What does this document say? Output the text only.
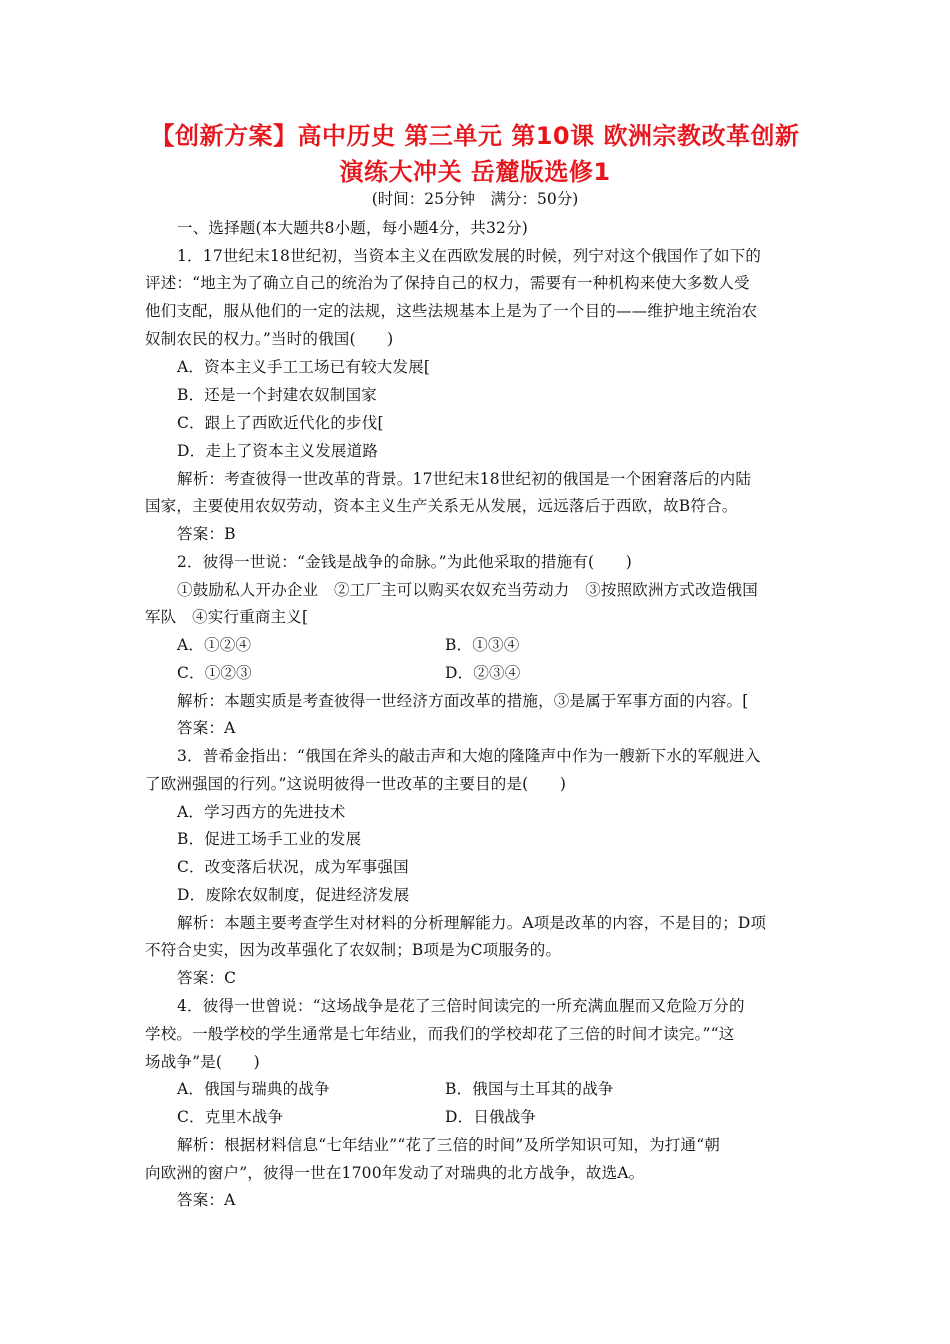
【创新方案】高中历史 第三单元 第10课 欧洲宗教改革创新
演练大冲关 岳麓版选修1
(时间：25分钟　满分：50分)
一、选择题(本大题共8小题，每小题4分，共32分)
1．17世纪末18世纪初，当资本主义在西欧发展的时候，列宁对这个俄国作了如下的
评述：“地主为了确立自己的统治为了保持自己的权力，需要有一种机构来使大多数人受
他们支配，服从他们的一定的法规，这些法规基本上是为了一个目的——维护地主统治农
奴制农民的权力。”当时的俄国(　　)
A．资本主义手工工场已有较大发展[
B．还是一个封建农奴制国家
C．跟上了西欧近代化的步伐[
D．走上了资本主义发展道路
解析：考查彼得一世改革的背景。17世纪末18世纪初的俄国是一个困窘落后的内陆
国家，主要使用农奴劳动，资本主义生产关系无从发展，远远落后于西欧，故B符合。
答案：B
2．彼得一世说：“金钱是战争的命脉。”为此他采取的措施有(　　)
①鼓励私人开办企业　②工厂主可以购买农奴充当劳动力　③按照欧洲方式改造俄国
军队　④实行重商主义[
A．①②④	B．①③④
C．①②③	D．②③④
解析：本题实质是考查彼得一世经济方面改革的措施，③是属于军事方面的内容。[
答案：A
3．普希金指出：“俄国在斧头的敲击声和大炮的隆隆声中作为一艘新下水的军舰进入
了欧洲强国的行列。”这说明彼得一世改革的主要目的是(　　)
A．学习西方的先进技术
B．促进工场手工业的发展
C．改变落后状况，成为军事强国
D．废除农奴制度，促进经济发展
解析：本题主要考查学生对材料的分析理解能力。A项是改革的内容，不是目的；D项
不符合史实，因为改革强化了农奴制；B项是为C项服务的。
答案：C
4．彼得一世曾说：“这场战争是花了三倍时间读完的一所充满血腥而又危险万分的
学校。一般学校的学生通常是七年结业，而我们的学校却花了三倍的时间才读完。”“这
场战争”是(　　)
A．俄国与瑞典的战争	B．俄国与土耳其的战争
C．克里木战争	D．日俄战争
解析：根据材料信息“七年结业”“花了三倍的时间”及所学知识可知，为打通“朝
向欧洲的窗户”，彼得一世在1700年发动了对瑞典的北方战争，故选A。
答案：A
